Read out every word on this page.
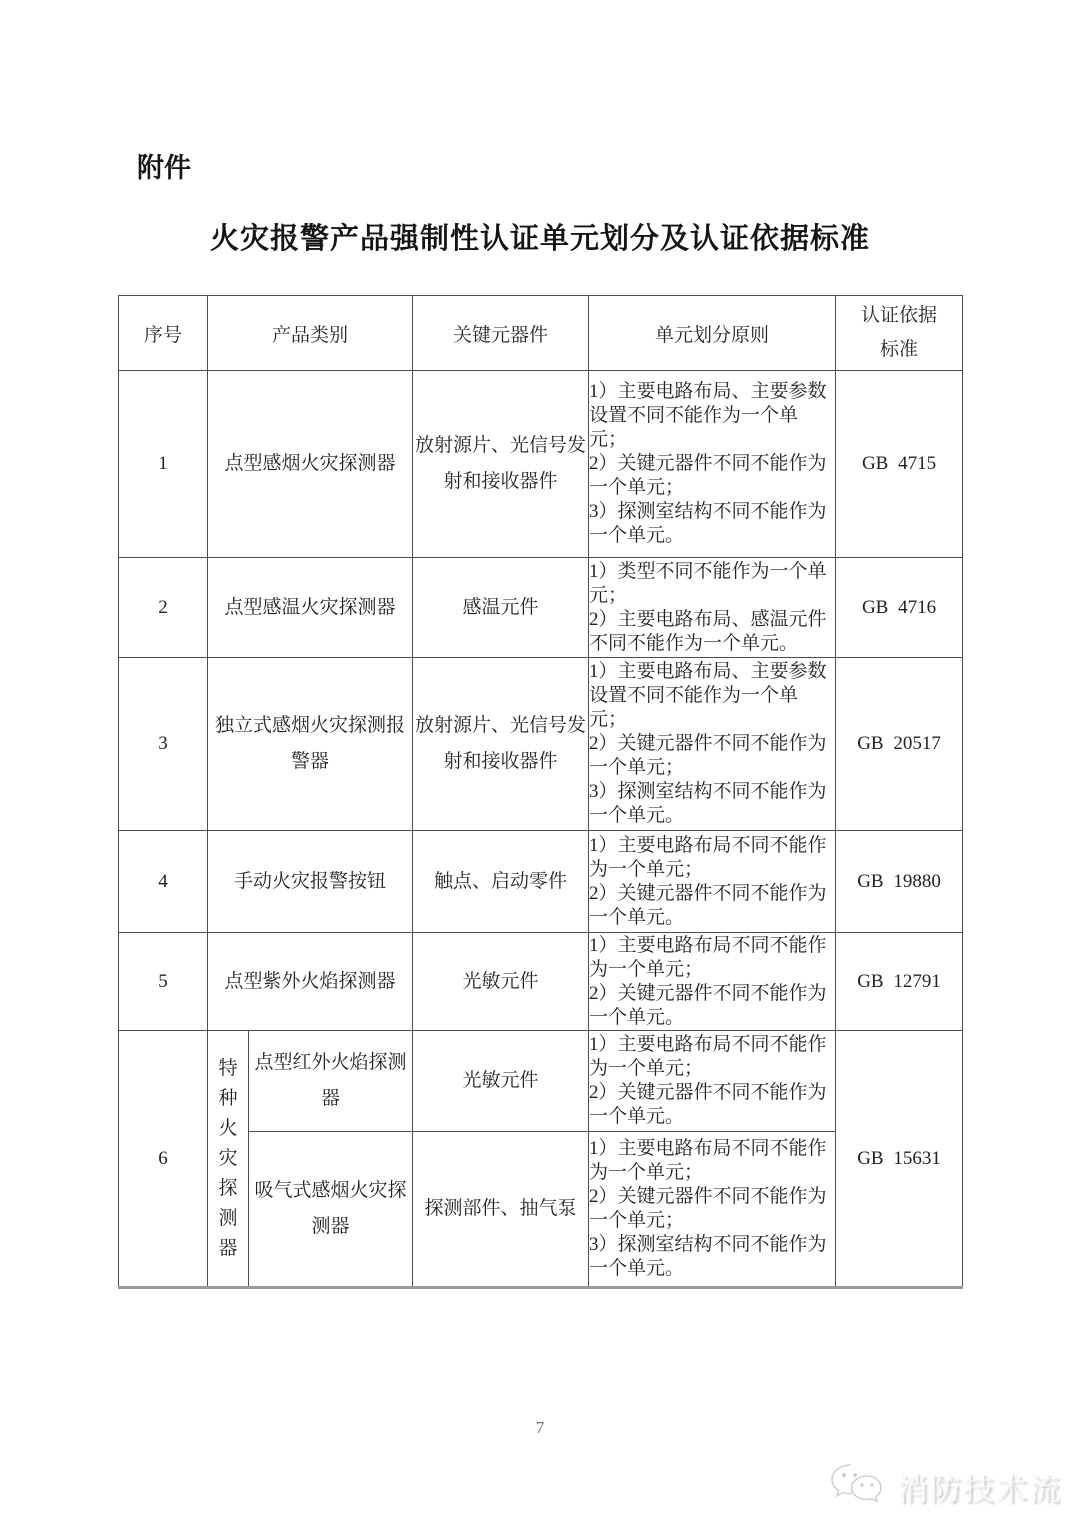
附件
火灾报警产品强制性认证单元划分及认证依据标准
序号	产品类别		关键元器件	单元划分原则	认证依据
标准

1	点型感烟火灾探测器		放射源片、光信号发射和接收器件	1）主要电路布局、主要参数设置不同不能作为一个单元；
2）关键元器件不同不能作为一个单元；
3）探测室结构不同不能作为一个单元。	GB 4715
2	点型感温火灾探测器		感温元件	1）类型不同不能作为一个单元；
2）主要电路布局、感温元件不同不能作为一个单元。	GB 4716
3	独立式感烟火灾探测报警器		放射源片、光信号发射和接收器件	1）主要电路布局、主要参数设置不同不能作为一个单元；
2）关键元器件不同不能作为一个单元；
3）探测室结构不同不能作为一个单元。	GB 20517
4	手动火灾报警按钮		触点、启动零件	1）主要电路布局不同不能作为一个单元；
2）关键元器件不同不能作为一个单元。	GB 19880
5	点型紫外火焰探测器		光敏元件	1）主要电路布局不同不能作为一个单元；
2）关键元器件不同不能作为一个单元。	GB 12791
6	特种火灾探测器	点型红外火焰探测器	光敏元件	1）主要电路布局不同不能作为一个单元；
2）关键元器件不同不能作为一个单元。	GB 15631
		吸气式感烟火灾探测器	探测部件、抽气泵	1）主要电路布局不同不能作为一个单元；
2）关键元器件不同不能作为一个单元；
3）探测室结构不同不能作为一个单元。	
7
消防技术流
